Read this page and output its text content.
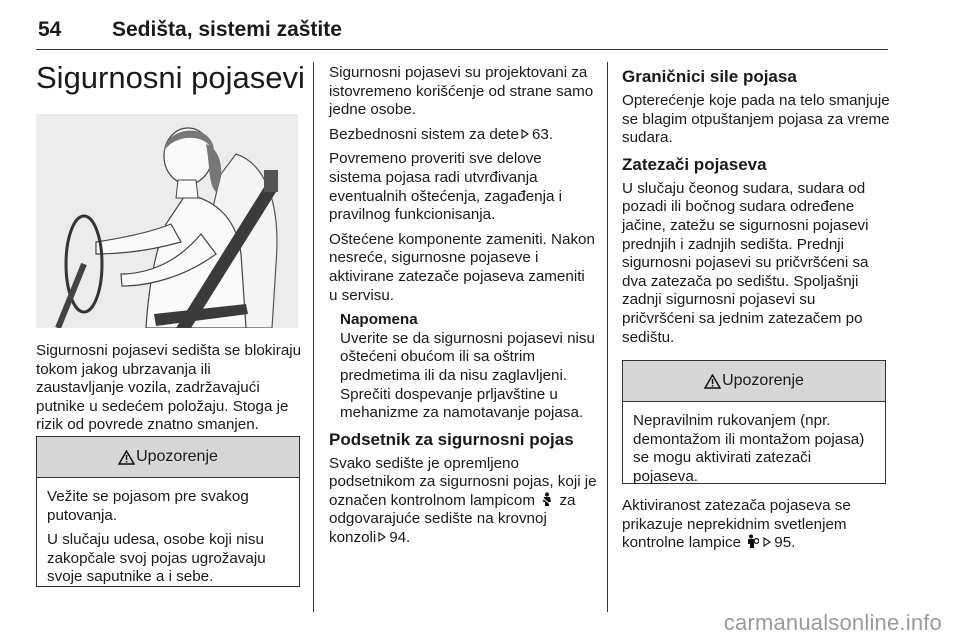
54 Sedišta, sistemi zaštite
Sigurnosni pojasevi

Sigurnosni pojasevi sedišta se blokiraju tokom jakog ubrzavanja ili zaustavljanje vozila, zadržavajući putnike u sedećem položaju. Stoga je rizik od povrede znatno smanjen.

Upozorenje

Vežite se pojasom pre svakog putovanja.

U slučaju udesa, osobe koji nisu zakopčale svoj pojas ugrožavaju svoje saputnike a i sebe.

Sigurnosni pojasevi su projektovani za istovremeno korišćenje od strane samo jedne osobe.

Bezbednosni sistem za dete 63.

Povremeno proveriti sve delove sistema pojasa radi utvrđivanja eventualnih oštećenja, zagađenja i pravilnog funkcionisanja.

Oštećene komponente zameniti. Nakon nesreće, sigurnosne pojaseve i aktivirane zatezače pojaseva zameniti u servisu.

Napomena
Uverite se da sigurnosni pojasevi nisu oštećeni obućom ili sa oštrim predmetima ili da nisu zaglavljeni. Sprečiti dospevanje prljavštine u mehanizme za namotavanje pojasa.
Podsetnik za sigurnosni pojas

Svako sedište je opremljeno podsetnikom za sigurnosni pojas, koji je označen kontrolnom lampicom za odgovarajuće sedište na krovnoj konzoli 94.

Graničnici sile pojasa

Opterećenje koje pada na telo smanjuje se blagim otpuštanjem pojasa za vreme sudara.

Zatezači pojaseva

U slučaju čeonog sudara, sudara od pozadi ili bočnog sudara određene jačine, zatežu se sigurnosni pojasevi prednjih i zadnjih sedišta. Prednji sigurnosni pojasevi su pričvršćeni sa dva zatezača po sedištu. Spoljašnji zadnji sigurnosni pojasevi su pričvršćeni sa jednim zatezačem po sedištu.

Upozorenje

Nepravilnim rukovanjem (npr. demontažom ili montažom pojasa) se mogu aktivirati zatezači pojaseva.

Aktiviranost zatezača pojaseva se prikazuje neprekidnim svetlenjem kontrolne lampice 95.

carmanualsonline.info
